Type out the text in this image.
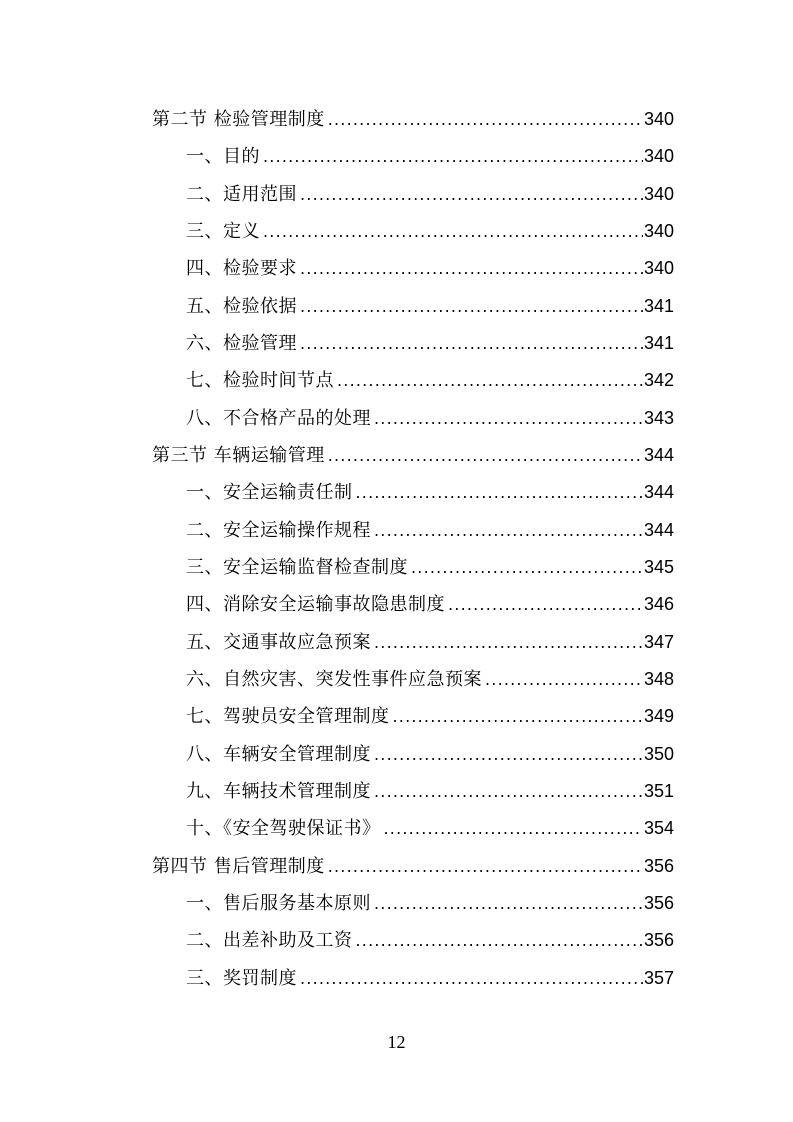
第二节 检验管理制度 .....	340
一、目的 .....	340
二、适用范围 .....	340
三、定义 .....	340
四、检验要求 .....	340
五、检验依据 .....	341
六、检验管理 .....	341
七、检验时间节点 .....	342
八、不合格产品的处理 .....	343
第三节 车辆运输管理 .....	344
一、安全运输责任制 .....	344
二、安全运输操作规程 .....	344
三、安全运输监督检查制度 .....	345
四、消除安全运输事故隐患制度 .....	346
五、交通事故应急预案 .....	347
六、自然灾害、突发性事件应急预案 .....	348
七、驾驶员安全管理制度 .....	349
八、车辆安全管理制度 .....	350
九、车辆技术管理制度 .....	351
十、《安全驾驶保证书》 .....	354
第四节 售后管理制度 .....	356
一、售后服务基本原则 .....	356
二、出差补助及工资 .....	356
三、奖罚制度 .....	357
12
